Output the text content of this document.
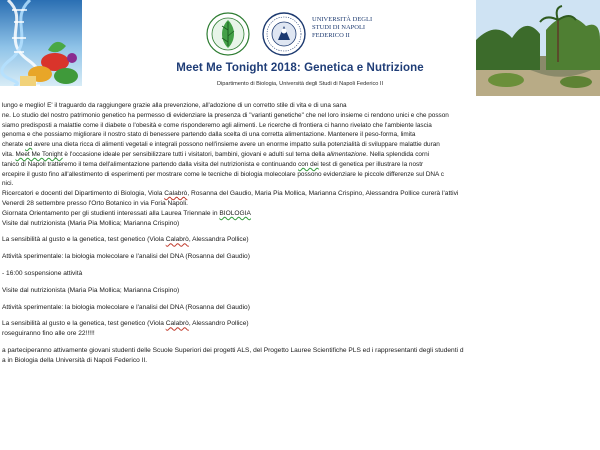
UNIVERSITÀ DEGLI
STUDI DI NAPOLI
FEDERICO II
Meet Me Tonight 2018: Genetica e Nutrizione
Dipartimento di Biologia, Università degli Studi di Napoli Federico II

lungo e meglio! E' il traguardo da raggiungere grazie alla prevenzione, all'adozione di un corretto stile di vita e di una sana

ne. Lo studio del nostro patrimonio genetico ha permesso di evidenziare la presenza di "varianti genetiche" che nel loro insieme ci rendono unici e che posson

siamo predisposti a malattie come il diabete o l'obesità e come risponderemo agli alimenti. Le ricerche di frontiera ci hanno rivelato che l'ambiente lascia

genoma e che possiamo migliorare il nostro stato di benessere partendo dalla scelta di una corretta alimentazione. Mantenere il peso-forma, limita

cherate ed avere una dieta ricca di alimenti vegetali e integrali possono nell'insieme avere un enorme impatto sulla potenzialità di sviluppare malattie duran

vita. Meet Me Tonight è l'occasione ideale per sensibilizzare tutti i visitatori, bambini, giovani e adulti sul tema della alimentazione. Nella splendida corni

tanico di Napoli tratteremo il tema dell'alimentazione partendo dalla visita del nutrizionista e continuando con dei test di genetica per illustrare la nostr

ercepire il gusto fino all'allestimento di esperimenti per mostrare come le tecniche di biologia molecolare possono evidenziare le piccole differenze sul DNA c

nici.

Ricercatori e docenti del Dipartimento di Biologia, Viola Calabrò, Rosanna del Gaudio, Maria Pia Mollica, Marianna Crispino, Alessandra Pollice curerà l'attivi

Venerdì 28 settembre presso l'Orto Botanico in via Foria Napoli.

Giornata Orientamento per gli studienti interessati alla Laurea Triennale in BIOLOGIA

Visite dal nutrizionista (Maria Pia Mollica; Marianna Crispino)

La sensibilità al gusto e la genetica, test genetico (Viola Calabrò, Alessandra Pollice)

Attività sperimentale: la biologia molecolare e l'analisi del DNA (Rosanna del Gaudio)

- 16:00 sospensione attività

Visite dal nutrizionista (Maria Pia Mollica; Marianna Crispino)

Attività sperimentale: la biologia molecolare e l'analisi del DNA (Rosanna del Gaudio)

La sensibilità al gusto e la genetica, test genetico (Viola Calabrò, Alessandro Pollice)

roseguiranno fino alle ore 22!!!!!

a parteciperanno attivamente giovani studenti delle Scuole Superiori dei progetti ALS, del Progetto Lauree Scientifiche PLS ed i rappresentanti degli studenti d

a in Biologia della Università di Napoli Federico II.
